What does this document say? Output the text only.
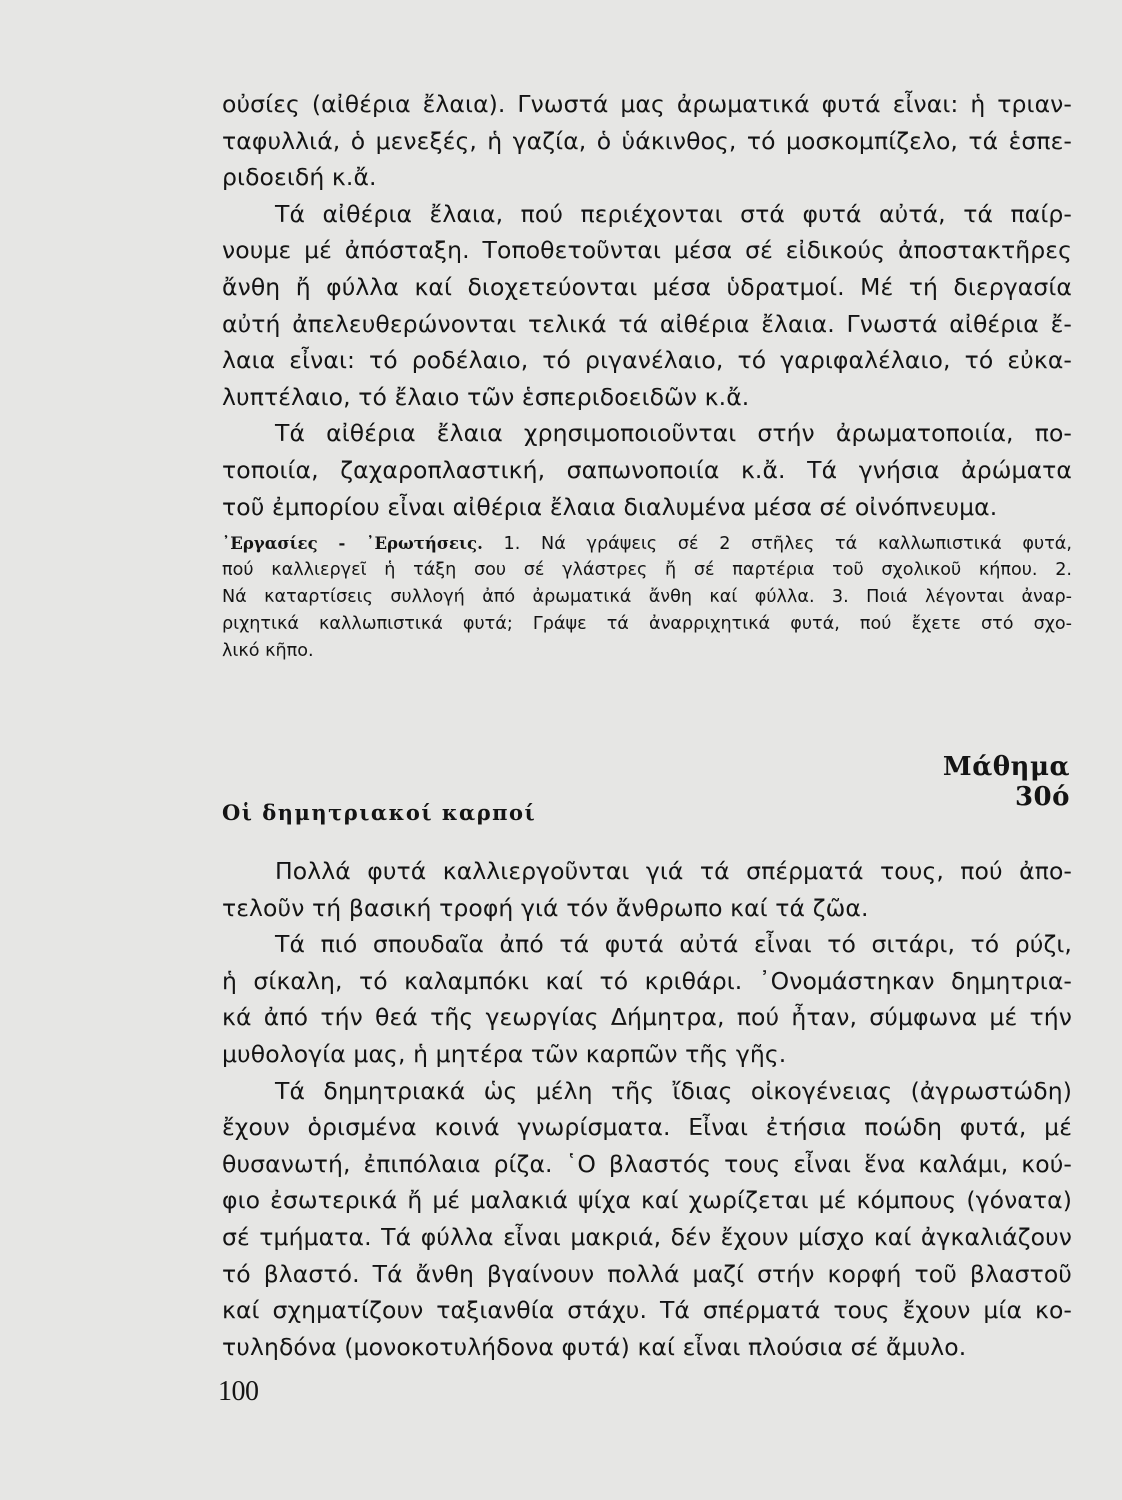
οὐσίες (αἰθέρια ἔλαια). Γνωστά μας ἀρωματικά φυτά εἶναι: ἡ τριαν-
ταφυλλιά, ὁ μενεξές, ἡ γαζία, ὁ ὑάκινθος, τό μοσκομπίζελο, τά ἑσπε-
ριδοειδή κ.ἄ.
Τά αἰθέρια ἔλαια, πού περιέχονται στά φυτά αὐτά, τά παίρ-
νουμε μέ ἀπόσταξη. Τοποθετοῦνται μέσα σέ εἰδικούς ἀποστακτῆρες
ἄνθη ἤ φύλλα καί διοχετεύονται μέσα ὑδρατμοί. Μέ τή διεργασία
αὐτή ἀπελευθερώνονται τελικά τά αἰθέρια ἔλαια. Γνωστά αἰθέρια ἔ-
λαια εἶναι: τό ροδέλαιο, τό ριγανέλαιο, τό γαριφαλέλαιο, τό εὐκα-
λυπτέλαιο, τό ἔλαιο τῶν ἑσπεριδοειδῶν κ.ἄ.
Τά αἰθέρια ἔλαια χρησιμοποιοῦνται στήν ἀρωματοποιία, πο-
τοποιία, ζαχαροπλαστική, σαπωνοποιία κ.ἄ. Τά γνήσια ἀρώματα
τοῦ ἐμπορίου εἶναι αἰθέρια ἔλαια διαλυμένα μέσα σέ οἰνόπνευμα.
᾿Εργασίες - ᾿Ερωτήσεις. 1. Νά γράψεις σέ 2 στῆλες τά καλλωπιστικά φυτά,
πού καλλιεργεῖ ἡ τάξη σου σέ γλάστρες ἤ σέ παρτέρια τοῦ σχολικοῦ κήπου. 2.
Νά καταρτίσεις συλλογή ἀπό ἀρωματικά ἄνθη καί φύλλα. 3. Ποιά λέγονται ἀναρ-
ριχητικά καλλωπιστικά φυτά; Γράψε τά ἀναρριχητικά φυτά, πού ἔχετε στό σχο-
λικό κῆπο.
Μάθημα 30ό
Οἱ δημητριακοί καρποί
Πολλά φυτά καλλιεργοῦνται γιά τά σπέρματά τους, πού ἀπο-
τελοῦν τή βασική τροφή γιά τόν ἄνθρωπο καί τά ζῶα.
Τά πιό σπουδαῖα ἀπό τά φυτά αὐτά εἶναι τό σιτάρι, τό ρύζι,
ἡ σίκαλη, τό καλαμπόκι καί τό κριθάρι. ᾿Ονομάστηκαν δημητρια-
κά ἀπό τήν θεά τῆς γεωργίας Δήμητρα, πού ἦταν, σύμφωνα μέ τήν
μυθολογία μας, ἡ μητέρα τῶν καρπῶν τῆς γῆς.
Τά δημητριακά ὡς μέλη τῆς ἴδιας οἰκογένειας (ἀγρωστώδη)
ἔχουν ὁρισμένα κοινά γνωρίσματα. Εἶναι ἐτήσια ποώδη φυτά, μέ
θυσανωτή, ἐπιπόλαια ρίζα. ῾Ο βλαστός τους εἶναι ἕνα καλάμι, κού-
φιο ἐσωτερικά ἤ μέ μαλακιά ψίχα καί χωρίζεται μέ κόμπους (γόνατα)
σέ τμήματα. Τά φύλλα εἶναι μακριά, δέν ἔχουν μίσχο καί ἀγκαλιάζουν
τό βλαστό. Τά ἄνθη βγαίνουν πολλά μαζί στήν κορφή τοῦ βλαστοῦ
καί σχηματίζουν ταξιανθία στάχυ. Τά σπέρματά τους ἔχουν μία κο-
τυληδόνα (μονοκοτυλήδονα φυτά) καί εἶναι πλούσια σέ ἄμυλο.
100
